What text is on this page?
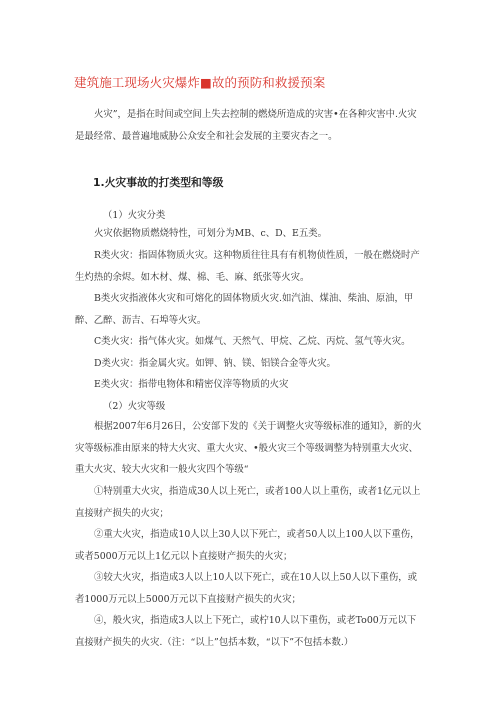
建筑施工现场火灾爆炸■故的预防和救援预案

火灾”，是指在时间或空间上失去控制的燃烧所造成的灾害•在各种灾害中.火灾是最经常、最普遍地威胁公众安全和社会发展的主要灾杏之一。

1.火灾事故的打类型和等级
（1）火灾分类

火灾依据物质燃烧特性，可划分为MB、c、D、E五类。

R类火灾：指固体物质火灾。这种物质往往具有有机物侦性质，一般在燃烧时产生灼热的余烬。如木材、煤、棉、毛、麻、纸张等火灾。

B类火灾指液体火灾和可熔化的固体物质火灾.如汽油、煤油、柴油、原油，甲醉、乙醉、沥吉、石埠等火灾。

C类火灾：指气体火灾。如煤气、天然气、甲烷、乙烷、丙烷、氢气等火灾。

D类火灾：指金属火灾。如钾、钠、镁、铝镁合金等火灾。

E类火灾：指带电物体和精密仪滓等物质的火灾

（2）火灾等级

根据2007年6月26日，公安部下发的《关于调整火灾等级标准的通知》，新的火灾等级标准由原来的特大火灾、重大火灾、•般火灾三个等级调整为特别重大火灾、重大火灾、较大火灾和一般火灾四个等级“

①特别重大火灾，指造成30人以上死亡，或者100人以上重伤，或者1亿元以上直接财产损失的火灾；

②重大火灾，指造成10人以上30人以下死亡，或者50人以上100人以下重伤，或者5000万元以上1亿元以卜直接财产损失的火灾；

③较大火灾，指造成3人以上10人以下死亡，或在10人以上50人以下重伤，或者1000万元以上5000万元以下直接财产损失的火灾；

④，般火灾，指造成3人以上下死亡，或柠10人以下重伤，或老To00万元以下直接财产损失的火灾.（注：“以上”包括本数，“以下”不包括本数.）
